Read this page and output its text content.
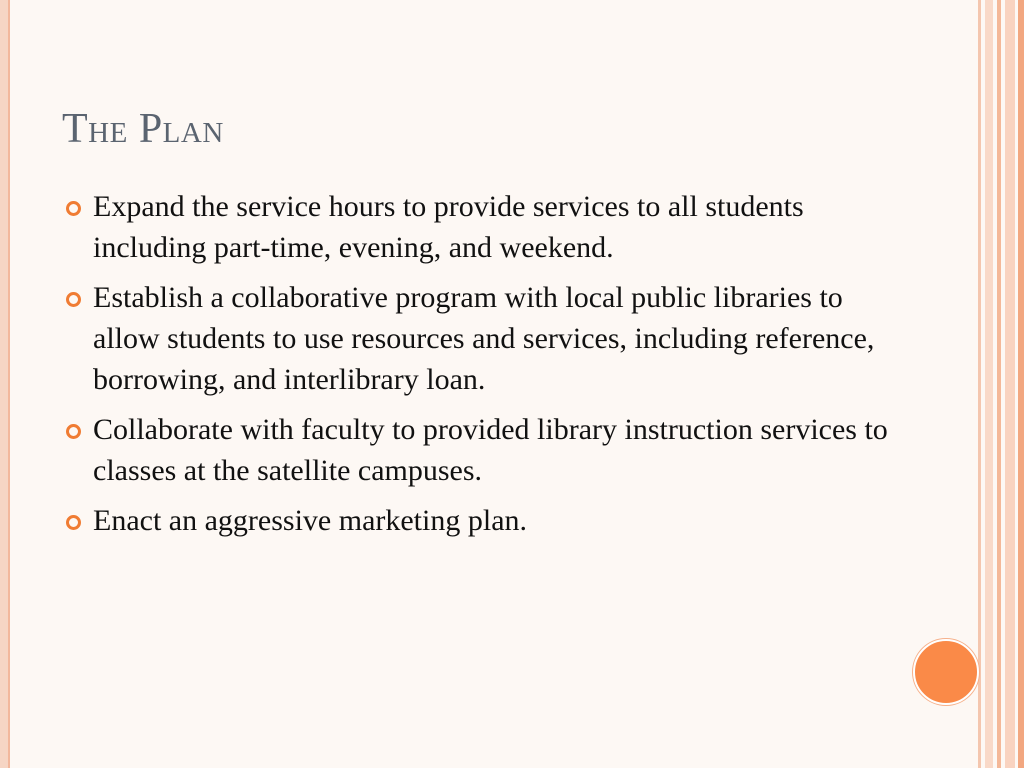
The Plan
Expand the service hours to provide services to all students including part-time, evening, and weekend.
Establish a collaborative program with local public libraries to allow students to use resources and services, including reference, borrowing, and interlibrary loan.
Collaborate with faculty to provided library instruction services to classes at the satellite campuses.
Enact an aggressive marketing plan.
